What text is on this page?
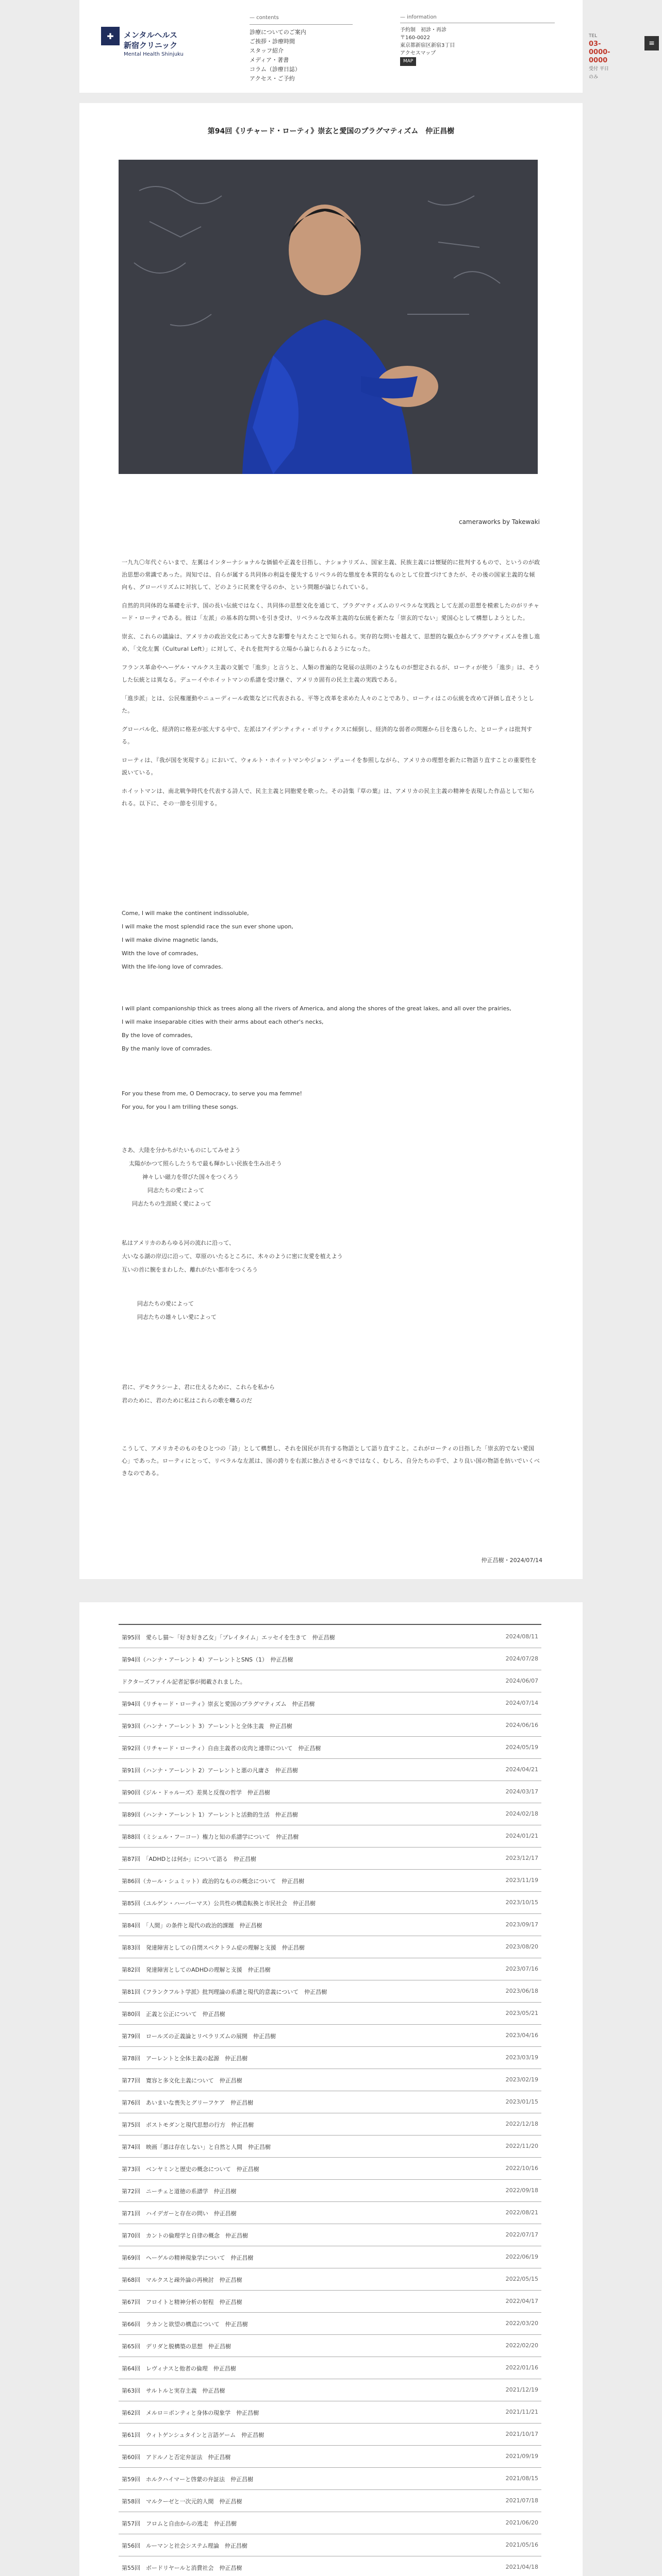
✚ メンタルヘルス
新宿クリニック
Mental Health Shinjuku
— contents
診療についてのご案内
ご挨拶・診療時間
スタッフ紹介
メディア・著書
コラム（診療日誌）
アクセス・ご予約
— information
予約制　初診・再診
〒160-0022
東京都新宿区新宿3丁目
アクセスマップ
MAP
TEL
03-0000-0000
受付 平日のみ
≡
第94回《リチャード・ローティ》崇玄と愛国のプラグマティズム　仲正昌樹
cameraworks by Takewaki

一九九〇年代ぐらいまで、左翼はインターナショナルな価値や正義を目指し、ナショナリズム、国家主義、民族主義には懐疑的に批判するもので、というのが政治思想の常識であった。周知では、自らが属する共同体の利益を優先するリベラル的な態度を本質的なものとして位置づけてきたが、その後の国家主義的な傾向も、グローバリズムに対抗して、どのように民衆を守るのか、という問題が論じられている。

自然的共同体的な基礎を示す、国の長い伝統ではなく、共同体の思想文化を通じて、プラグマティズムのリベラルな実践として左派の思想を模索したのがリチャード・ローティである。彼は「左派」の基本的な問いを引き受け、リベラルな改革主義的な伝統を新たな「崇玄的でない」愛国心として構想しようとした。

崇玄、これらの議論は、アメリカの政治文化にあって大きな影響を与えたことで知られる。実存的な問いを越えて、思想的な観点からプラグマティズムを推し進め、「文化左翼（Cultural Left）」に対して、それを批判する立場から論じられるようになった。

フランス革命やヘーゲル・マルクス主義の文脈で「進歩」と言うと、人類の普遍的な発展の法則のようなものが想定されるが、ローティが使う「進歩」は、そうした伝統とは異なる。デューイやホイットマンの系譜を受け継ぐ、アメリカ固有の民主主義の実践である。

「進歩派」とは、公民権運動やニューディール政策などに代表される、平等と改革を求めた人々のことであり、ローティはこの伝統を改めて評価し直そうとした。

グローバル化、経済的に格差が拡大する中で、左派はアイデンティティ・ポリティクスに傾倒し、経済的な弱者の問題から目を逸らした、とローティは批判する。

ローティは、『我が国を実現する』において、ウォルト・ホイットマンやジョン・デューイを参照しながら、アメリカの理想を新たに物語り直すことの重要性を説いている。

ホイットマンは、南北戦争時代を代表する詩人で、民主主義と同胞愛を歌った。その詩集『草の葉』は、アメリカの民主主義の精神を表現した作品として知られる。以下に、その一節を引用する。

Come, I will make the continent indissoluble,
I will make the most splendid race the sun ever shone upon,
I will make divine magnetic lands,
With the love of comrades,
With the life-long love of comrades.
I will plant companionship thick as trees along all the rivers of America, and along the shores of the great lakes, and all over the prairies,
I will make inseparable cities with their arms about each other's necks,
By the love of comrades,
By the manly love of comrades.
For you these from me, O Democracy, to serve you ma femme!
For you, for you I am trilling these songs.
さあ、大陸を分かちがたいものにしてみせよう
太陽がかつて照らしたうちで最も輝かしい民族を生み出そう
神々しい磁力を帯びた国々をつくろう
同志たちの愛によって
同志たちの生涯続く愛によって
私はアメリカのあらゆる河の流れに沿って、
大いなる湖の岸辺に沿って、草原のいたるところに、木々のように密に友愛を植えよう
互いの首に腕をまわした、離れがたい都市をつくろう
同志たちの愛によって
同志たちの雄々しい愛によって
君に、デモクラシーよ、君に仕えるために、これらを私から
君のために、君のために私はこれらの歌を囀るのだ
こうして、アメリカそのものをひとつの「詩」として構想し、それを国民が共有する物語として語り直すこと。これがローティの目指した「崇玄的でない愛国心」であった。ローティにとって、リベラルな左派は、国の誇りを右派に独占させるべきではなく、むしろ、自分たちの手で、より良い国の物語を紡いでいくべきなのである。
仲正昌樹・2024/07/14
第95回　愛らし猫〜「好き好き乙女」「プレイタイム」エッセイを生きて　仲正昌樹	2024/08/11
第94回（ハンナ・アーレント 4）アーレントとSNS（1）　仲正昌樹	2024/07/28
ドクターズファイル記者記事が掲載されました。	2024/06/07
第94回《リチャード・ローティ》崇玄と愛国のプラグマティズム　仲正昌樹	2024/07/14
第93回（ハンナ・アーレント 3）アーレントと全体主義　仲正昌樹	2024/06/16
第92回（リチャード・ローティ）自由主義者の皮肉と連帯について　仲正昌樹	2024/05/19
第91回（ハンナ・アーレント 2）アーレントと悪の凡庸さ　仲正昌樹	2024/04/21
第90回《ジル・ドゥルーズ》差異と反復の哲学　仲正昌樹	2024/03/17
第89回（ハンナ・アーレント 1）アーレントと活動的生活　仲正昌樹	2024/02/18
第88回（ミシェル・フーコー）権力と知の系譜学について　仲正昌樹	2024/01/21
第87回　「ADHDとは何か」について語る　仲正昌樹	2023/12/17
第86回（カール・シュミット）政治的なものの概念について　仲正昌樹	2023/11/19
第85回（ユルゲン・ハーバーマス）公共性の構造転換と市民社会　仲正昌樹	2023/10/15
第84回　「人間」の条件と現代の政治的課題　仲正昌樹	2023/09/17
第83回　発達障害としての自閉スペクトラム症の理解と支援　仲正昌樹	2023/08/20
第82回　発達障害としてのADHDの理解と支援　仲正昌樹	2023/07/16
第81回《フランクフルト学派》批判理論の系譜と現代的意義について　仲正昌樹	2023/06/18
第80回　正義と公正について　仲正昌樹	2023/05/21
第79回　ロールズの正義論とリベラリズムの展開　仲正昌樹	2023/04/16
第78回　アーレントと全体主義の起源　仲正昌樹	2023/03/19
第77回　寛容と多文化主義について　仲正昌樹	2023/02/19
第76回　あいまいな喪失とグリーフケア　仲正昌樹	2023/01/15
第75回　ポストモダンと現代思想の行方　仲正昌樹	2022/12/18
第74回　映画「悪は存在しない」と自然と人間　仲正昌樹	2022/11/20
第73回　ベンヤミンと歴史の概念について　仲正昌樹	2022/10/16
第72回　ニーチェと道徳の系譜学　仲正昌樹	2022/09/18
第71回　ハイデガーと存在の問い　仲正昌樹	2022/08/21
第70回　カントの倫理学と自律の概念　仲正昌樹	2022/07/17
第69回　ヘーゲルの精神現象学について　仲正昌樹	2022/06/19
第68回　マルクスと疎外論の再検討　仲正昌樹	2022/05/15
第67回　フロイトと精神分析の射程　仲正昌樹	2022/04/17
第66回　ラカンと欲望の構造について　仲正昌樹	2022/03/20
第65回　デリダと脱構築の思想　仲正昌樹	2022/02/20
第64回　レヴィナスと他者の倫理　仲正昌樹	2022/01/16
第63回　サルトルと実存主義　仲正昌樹	2021/12/19
第62回　メルロ＝ポンティと身体の現象学　仲正昌樹	2021/11/21
第61回　ウィトゲンシュタインと言語ゲーム　仲正昌樹	2021/10/17
第60回　アドルノと否定弁証法　仲正昌樹	2021/09/19
第59回　ホルクハイマーと啓蒙の弁証法　仲正昌樹	2021/08/15
第58回　マルクーゼと一次元的人間　仲正昌樹	2021/07/18
第57回　フロムと自由からの逃走　仲正昌樹	2021/06/20
第56回　ルーマンと社会システム理論　仲正昌樹	2021/05/16
第55回　ボードリヤールと消費社会　仲正昌樹	2021/04/18
